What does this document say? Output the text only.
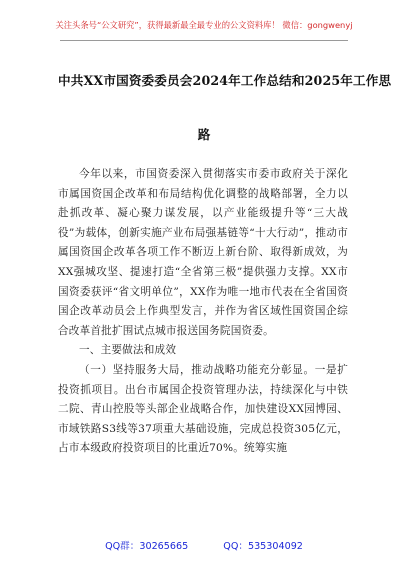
关注头条号“公文研究”，获得最新最全最专业的公文资料库！ 微信：gongwenyj
中共XX市国资委委员会2024年工作总结和2025年工作思
路

今年以来，市国资委深入贯彻落实市委市政府关于深化市属国资国企改革和布局结构优化调整的战略部署，全力以赴抓改革、凝心聚力谋发展，以产业能级提升等“三大战役”为载体，创新实施产业布局强基链等“十大行动”，推动市属国资国企改革各项工作不断迈上新台阶、取得新成效，为XX强城攻坚、提速打造“全省第三极”提供强力支撑。XX市国资委获评“省文明单位”，XX作为唯一地市代表在全省国资国企改革动员会上作典型发言，并作为省区域性国资国企综合改革首批扩围试点城市报送国务院国资委。

一、主要做法和成效

（一）坚持服务大局，推动战略功能充分彰显。一是扩投资抓项目。出台市属国企投资管理办法，持续深化与中铁二院、青山控股等头部企业战略合作，加快建设XX园博园、市域铁路S3线等37项重大基础设施，完成总投资305亿元，占市本级政府投资项目的比重近70%。统筹实施

QQ群：30265665	QQ：535304092
